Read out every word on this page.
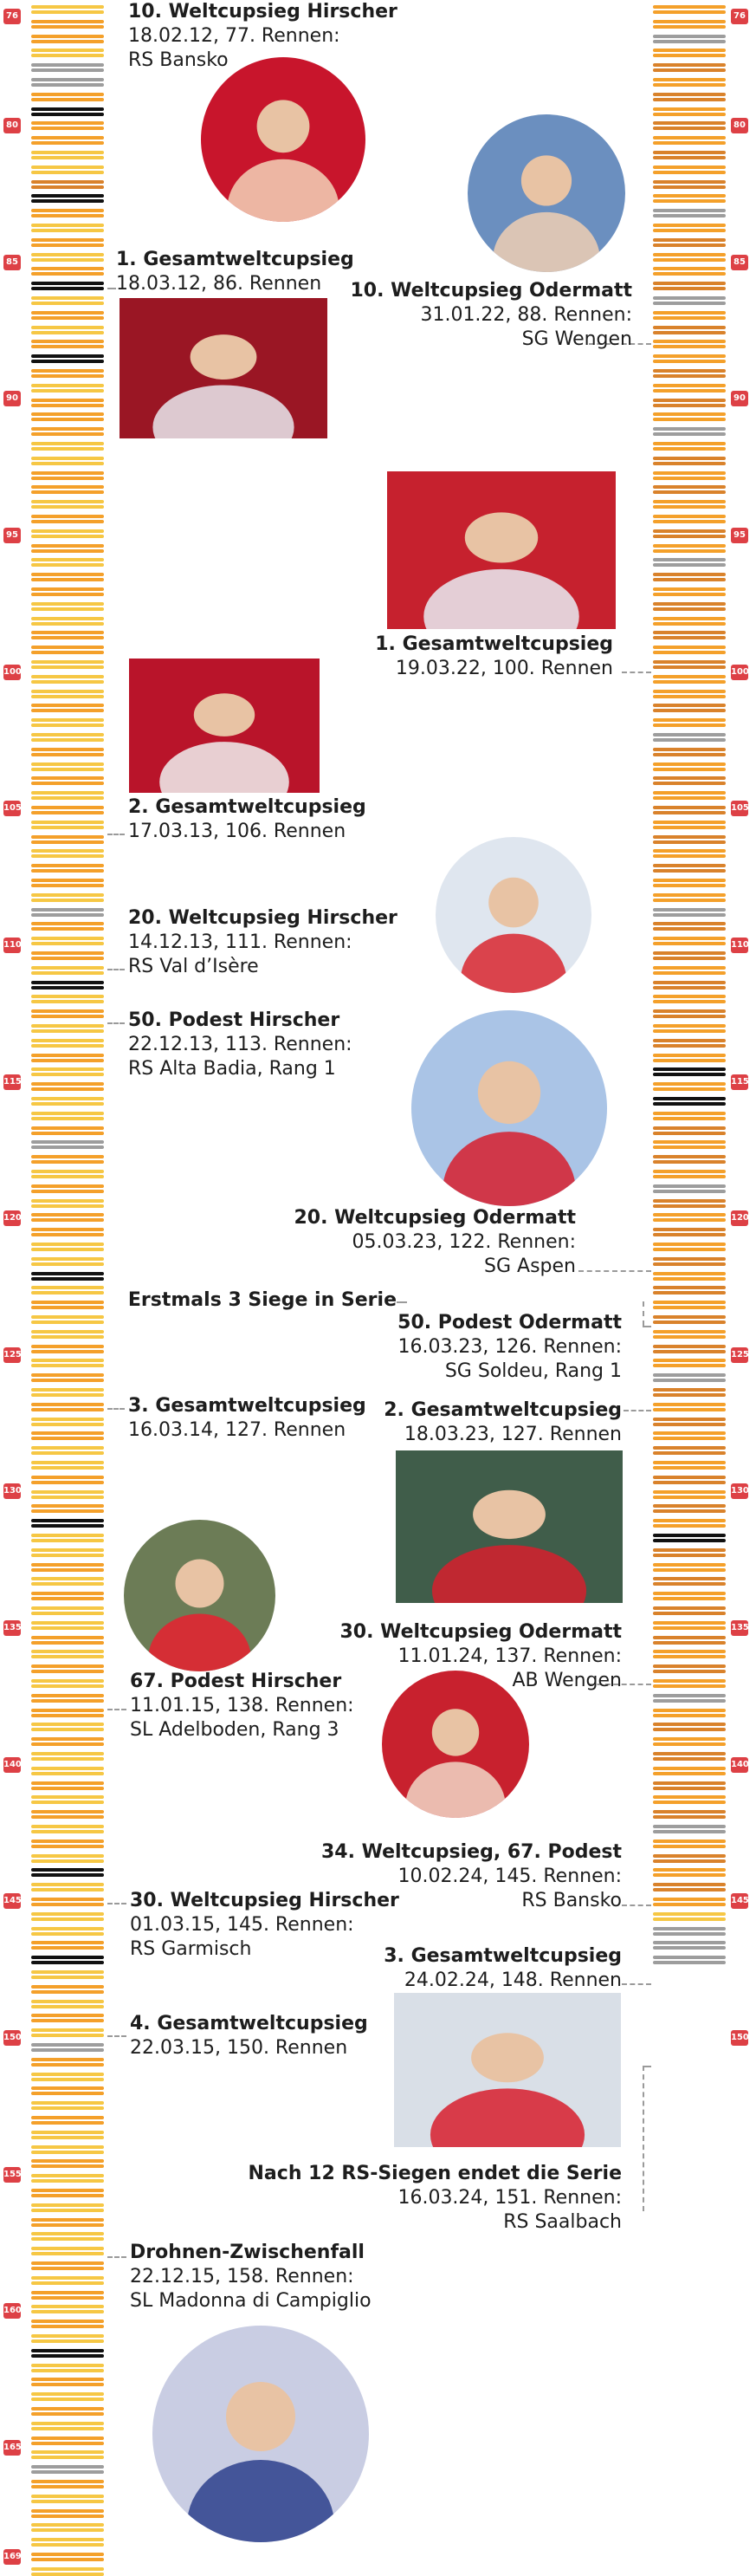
76
80
85
90
95
100
105
110
115
120
125
130
135
140
145
150
155
160
165
169
76
80
85
90
95
100
105
110
115
120
125
130
135
140
145
150
10. Weltcupsieg Hirscher
18.02.12, 77. Rennen:
RS Bansko
1. Gesamtweltcupsieg
18.03.12, 86. Rennen
2. Gesamtweltcupsieg
17.03.13, 106. Rennen
20. Weltcupsieg Hirscher
14.12.13, 111. Rennen:
RS Val d’Isère
50. Podest Hirscher
22.12.13, 113. Rennen:
RS Alta Badia, Rang 1
3. Gesamtweltcupsieg
16.03.14, 127. Rennen
67. Podest Hirscher
11.01.15, 138. Rennen:
SL Adelboden, Rang 3
30. Weltcupsieg Hirscher
01.03.15, 145. Rennen:
RS Garmisch
4. Gesamtweltcupsieg
22.03.15, 150. Rennen
Drohnen-Zwischenfall
22.12.15, 158. Rennen:
SL Madonna di Campiglio
10. Weltcupsieg Odermatt
31.01.22, 88. Rennen:
SG Wengen
1. Gesamtweltcupsieg
19.03.22, 100. Rennen
20. Weltcupsieg Odermatt
05.03.23, 122. Rennen:
SG Aspen
Erstmals 3 Siege in Serie
50. Podest Odermatt
16.03.23, 126. Rennen:
SG Soldeu, Rang 1
2. Gesamtweltcupsieg
18.03.23, 127. Rennen
30. Weltcupsieg Odermatt
11.01.24, 137. Rennen:
AB Wengen
34. Weltcupsieg, 67. Podest
10.02.24, 145. Rennen:
RS Bansko
3. Gesamtweltcupsieg
24.02.24, 148. Rennen
Nach 12 RS-Siegen endet die Serie
16.03.24, 151. Rennen:
RS Saalbach
